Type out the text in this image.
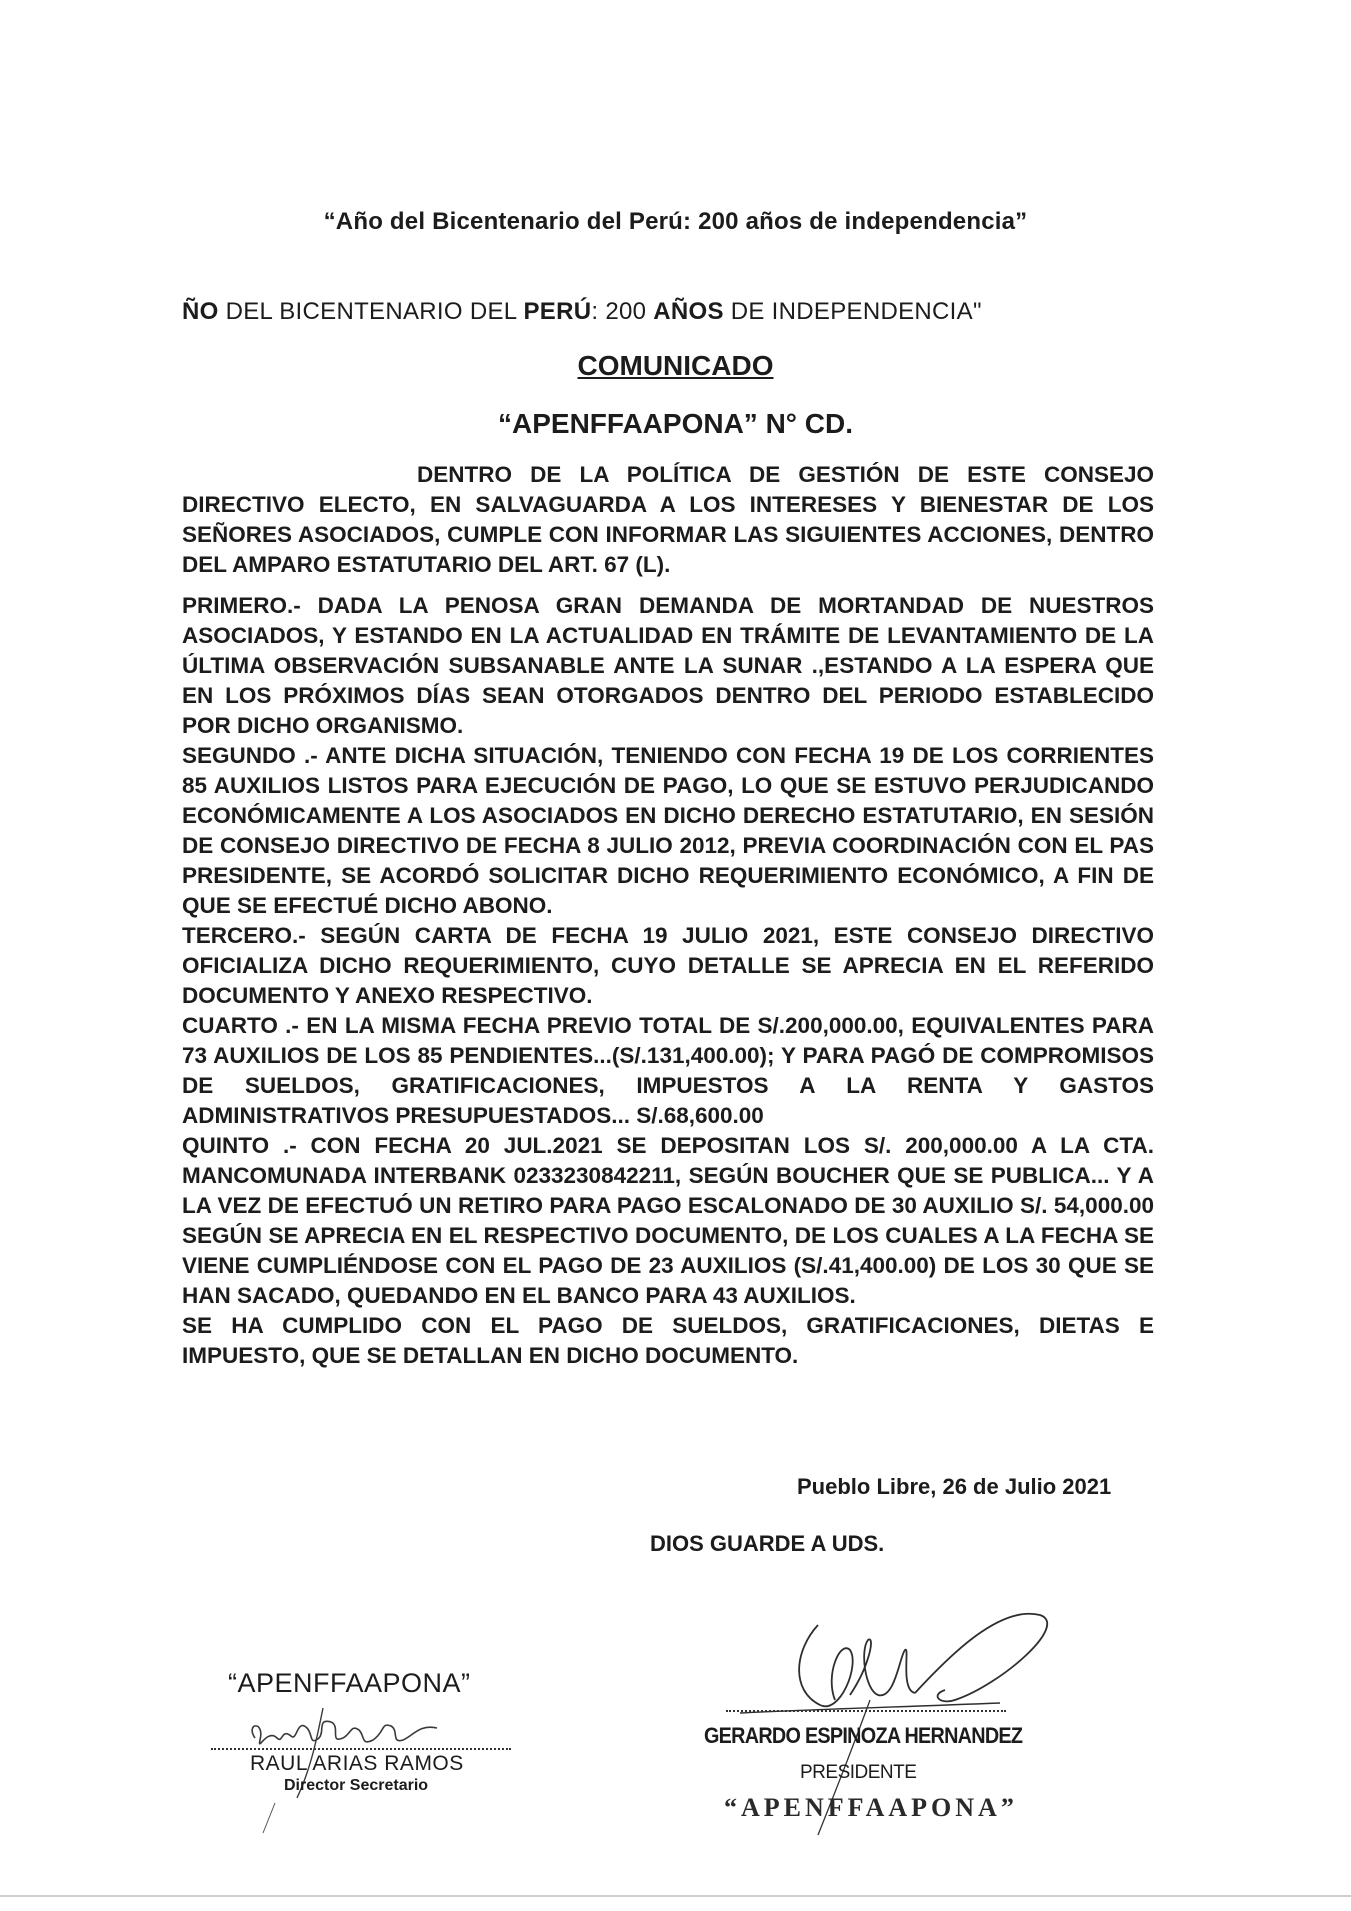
“Año del Bicentenario del Perú: 200 años de independencia”
ÑO DEL BICENTENARIO DEL PERÚ: 200 AÑOS DE INDEPENDENCIA"
COMUNICADO
“APENFFAAPONA” N° CD.

DENTRO DE LA POLÍTICA DE GESTIÓN DE ESTE CONSEJO DIRECTIVO ELECTO, EN SALVAGUARDA A LOS INTERESES Y BIENESTAR DE LOS SEÑORES ASOCIADOS, CUMPLE CON INFORMAR LAS SIGUIENTES ACCIONES, DENTRO DEL AMPARO ESTATUTARIO DEL ART. 67 (L).

PRIMERO.- DADA LA PENOSA GRAN DEMANDA DE MORTANDAD DE NUESTROS ASOCIADOS, Y ESTANDO EN LA ACTUALIDAD EN TRÁMITE DE LEVANTAMIENTO DE LA ÚLTIMA OBSERVACIÓN SUBSANABLE ANTE LA SUNAR .,ESTANDO A LA ESPERA QUE EN LOS PRÓXIMOS DÍAS SEAN OTORGADOS DENTRO DEL PERIODO ESTABLECIDO POR DICHO ORGANISMO.

SEGUNDO .- ANTE DICHA SITUACIÓN, TENIENDO CON FECHA 19 DE LOS CORRIENTES 85 AUXILIOS LISTOS PARA EJECUCIÓN DE PAGO, LO QUE SE ESTUVO PERJUDICANDO ECONÓMICAMENTE A LOS ASOCIADOS EN DICHO DERECHO ESTATUTARIO, EN SESIÓN DE CONSEJO DIRECTIVO DE FECHA 8 JULIO 2012, PREVIA COORDINACIÓN CON EL PAS PRESIDENTE, SE ACORDÓ SOLICITAR DICHO REQUERIMIENTO ECONÓMICO, A FIN DE QUE SE EFECTUÉ DICHO ABONO.

TERCERO.- SEGÚN CARTA DE FECHA 19 JULIO 2021, ESTE CONSEJO DIRECTIVO OFICIALIZA DICHO REQUERIMIENTO, CUYO DETALLE SE APRECIA EN EL REFERIDO DOCUMENTO Y ANEXO RESPECTIVO.

CUARTO .- EN LA MISMA FECHA PREVIO TOTAL DE S/.200,000.00, EQUIVALENTES PARA 73 AUXILIOS DE LOS 85 PENDIENTES...(S/.131,400.00); Y PARA PAGÓ DE COMPROMISOS DE SUELDOS, GRATIFICACIONES, IMPUESTOS A LA RENTA Y GASTOS ADMINISTRATIVOS PRESUPUESTADOS... S/.68,600.00

QUINTO .- CON FECHA 20 JUL.2021 SE DEPOSITAN LOS S/. 200,000.00 A LA CTA. MANCOMUNADA INTERBANK 0233230842211, SEGÚN BOUCHER QUE SE PUBLICA... Y A LA VEZ DE EFECTUÓ UN RETIRO PARA PAGO ESCALONADO DE 30 AUXILIO S/. 54,000.00 SEGÚN SE APRECIA EN EL RESPECTIVO DOCUMENTO, DE LOS CUALES A LA FECHA SE VIENE CUMPLIÉNDOSE CON EL PAGO DE 23 AUXILIOS (S/.41,400.00) DE LOS 30 QUE SE HAN SACADO, QUEDANDO EN EL BANCO PARA 43 AUXILIOS.

SE HA CUMPLIDO CON EL PAGO DE SUELDOS, GRATIFICACIONES, DIETAS E IMPUESTO, QUE SE DETALLAN EN DICHO DOCUMENTO.

Pueblo Libre, 26 de Julio 2021
DIOS GUARDE A UDS.
“APENFFAAPONA”
RAUL ARIAS RAMOS
Director Secretario
GERARDO ESPINOZA HERNANDEZ
PRESIDENTE
“APENFFAAPONA”
